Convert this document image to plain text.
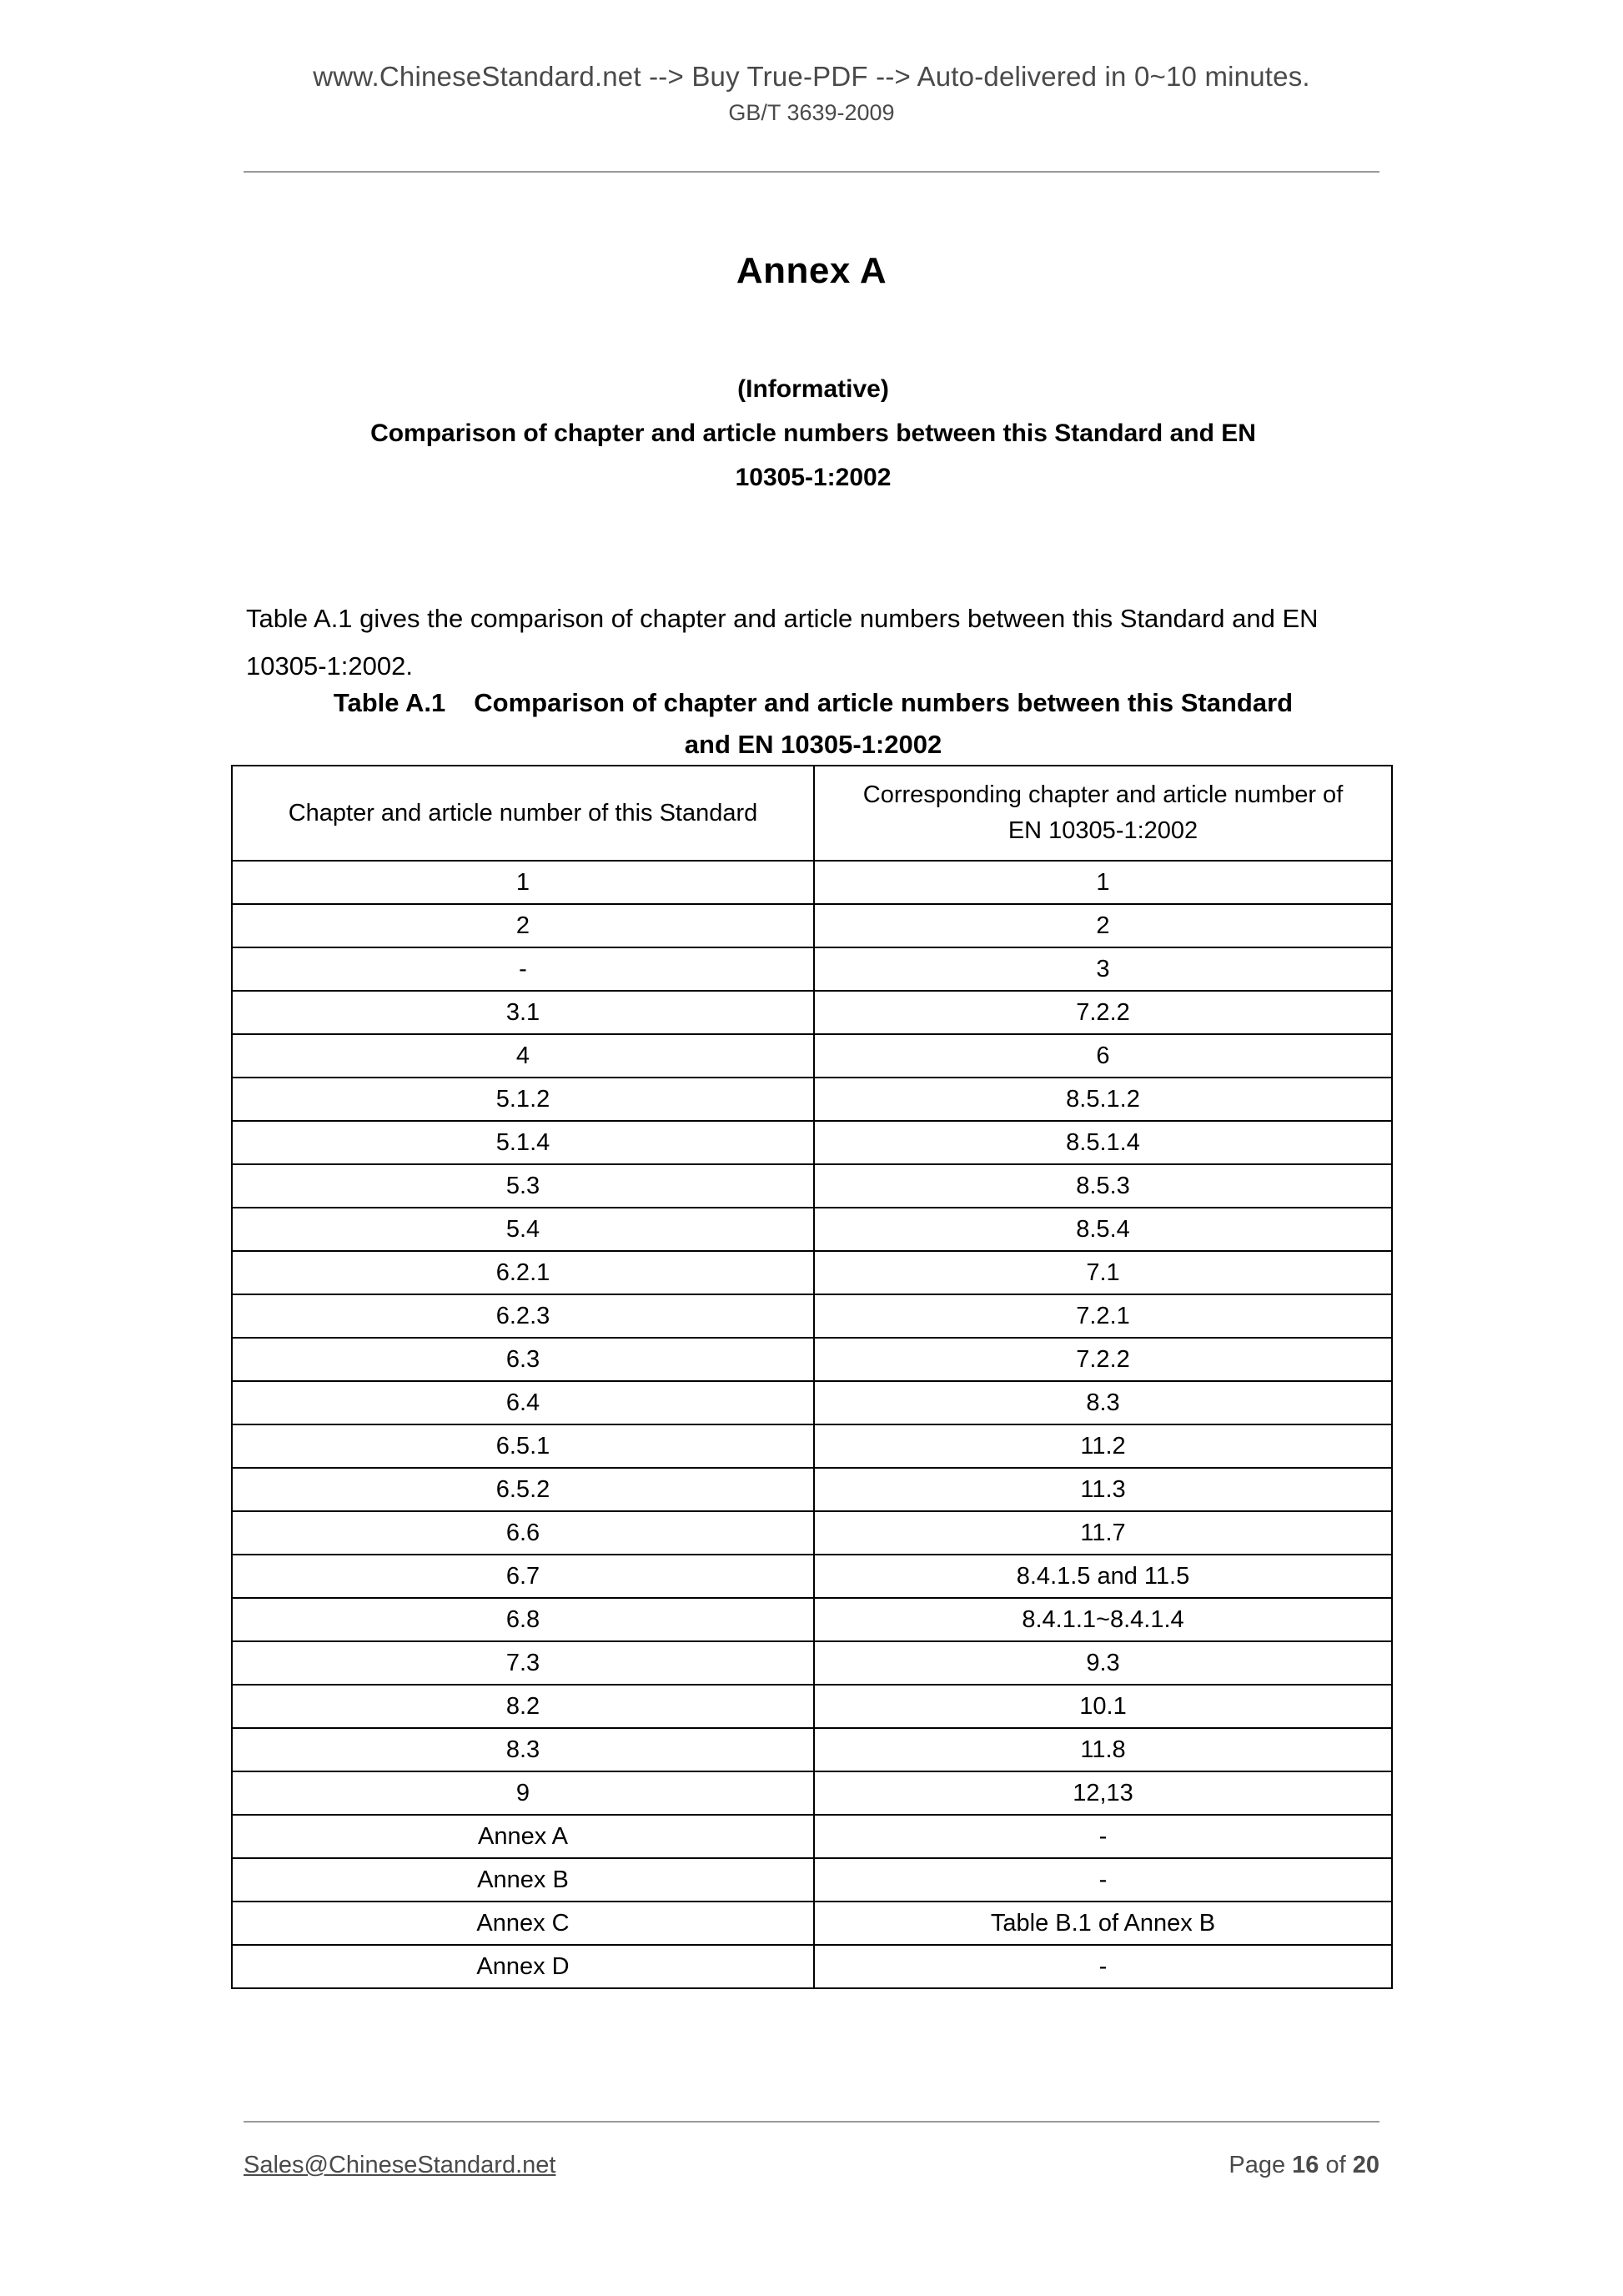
www.ChineseStandard.net --> Buy True-PDF --> Auto-delivered in 0~10 minutes.
GB/T 3639-2009
Annex A
(Informative)
Comparison of chapter and article numbers between this Standard and EN
10305-1:2002

Table A.1 gives the comparison of chapter and article numbers between this Standard and EN 10305-1:2002.

Table A.1 Comparison of chapter and article numbers between this Standard
and EN 10305-1:2002
Chapter and article number of this Standard	Corresponding chapter and article number of
EN 10305-1:2002

1	1
2	2
-	3
3.1	7.2.2
4	6
5.1.2	8.5.1.2
5.1.4	8.5.1.4
5.3	8.5.3
5.4	8.5.4
6.2.1	7.1
6.2.3	7.2.1
6.3	7.2.2
6.4	8.3
6.5.1	11.2
6.5.2	11.3
6.6	11.7
6.7	8.4.1.5 and 11.5
6.8	8.4.1.1~8.4.1.4
7.3	9.3
8.2	10.1
8.3	11.8
9	12,13
Annex A	-
Annex B	-
Annex C	Table B.1 of Annex B
Annex D	-
Sales@ChineseStandard.net	Page 16 of 20
